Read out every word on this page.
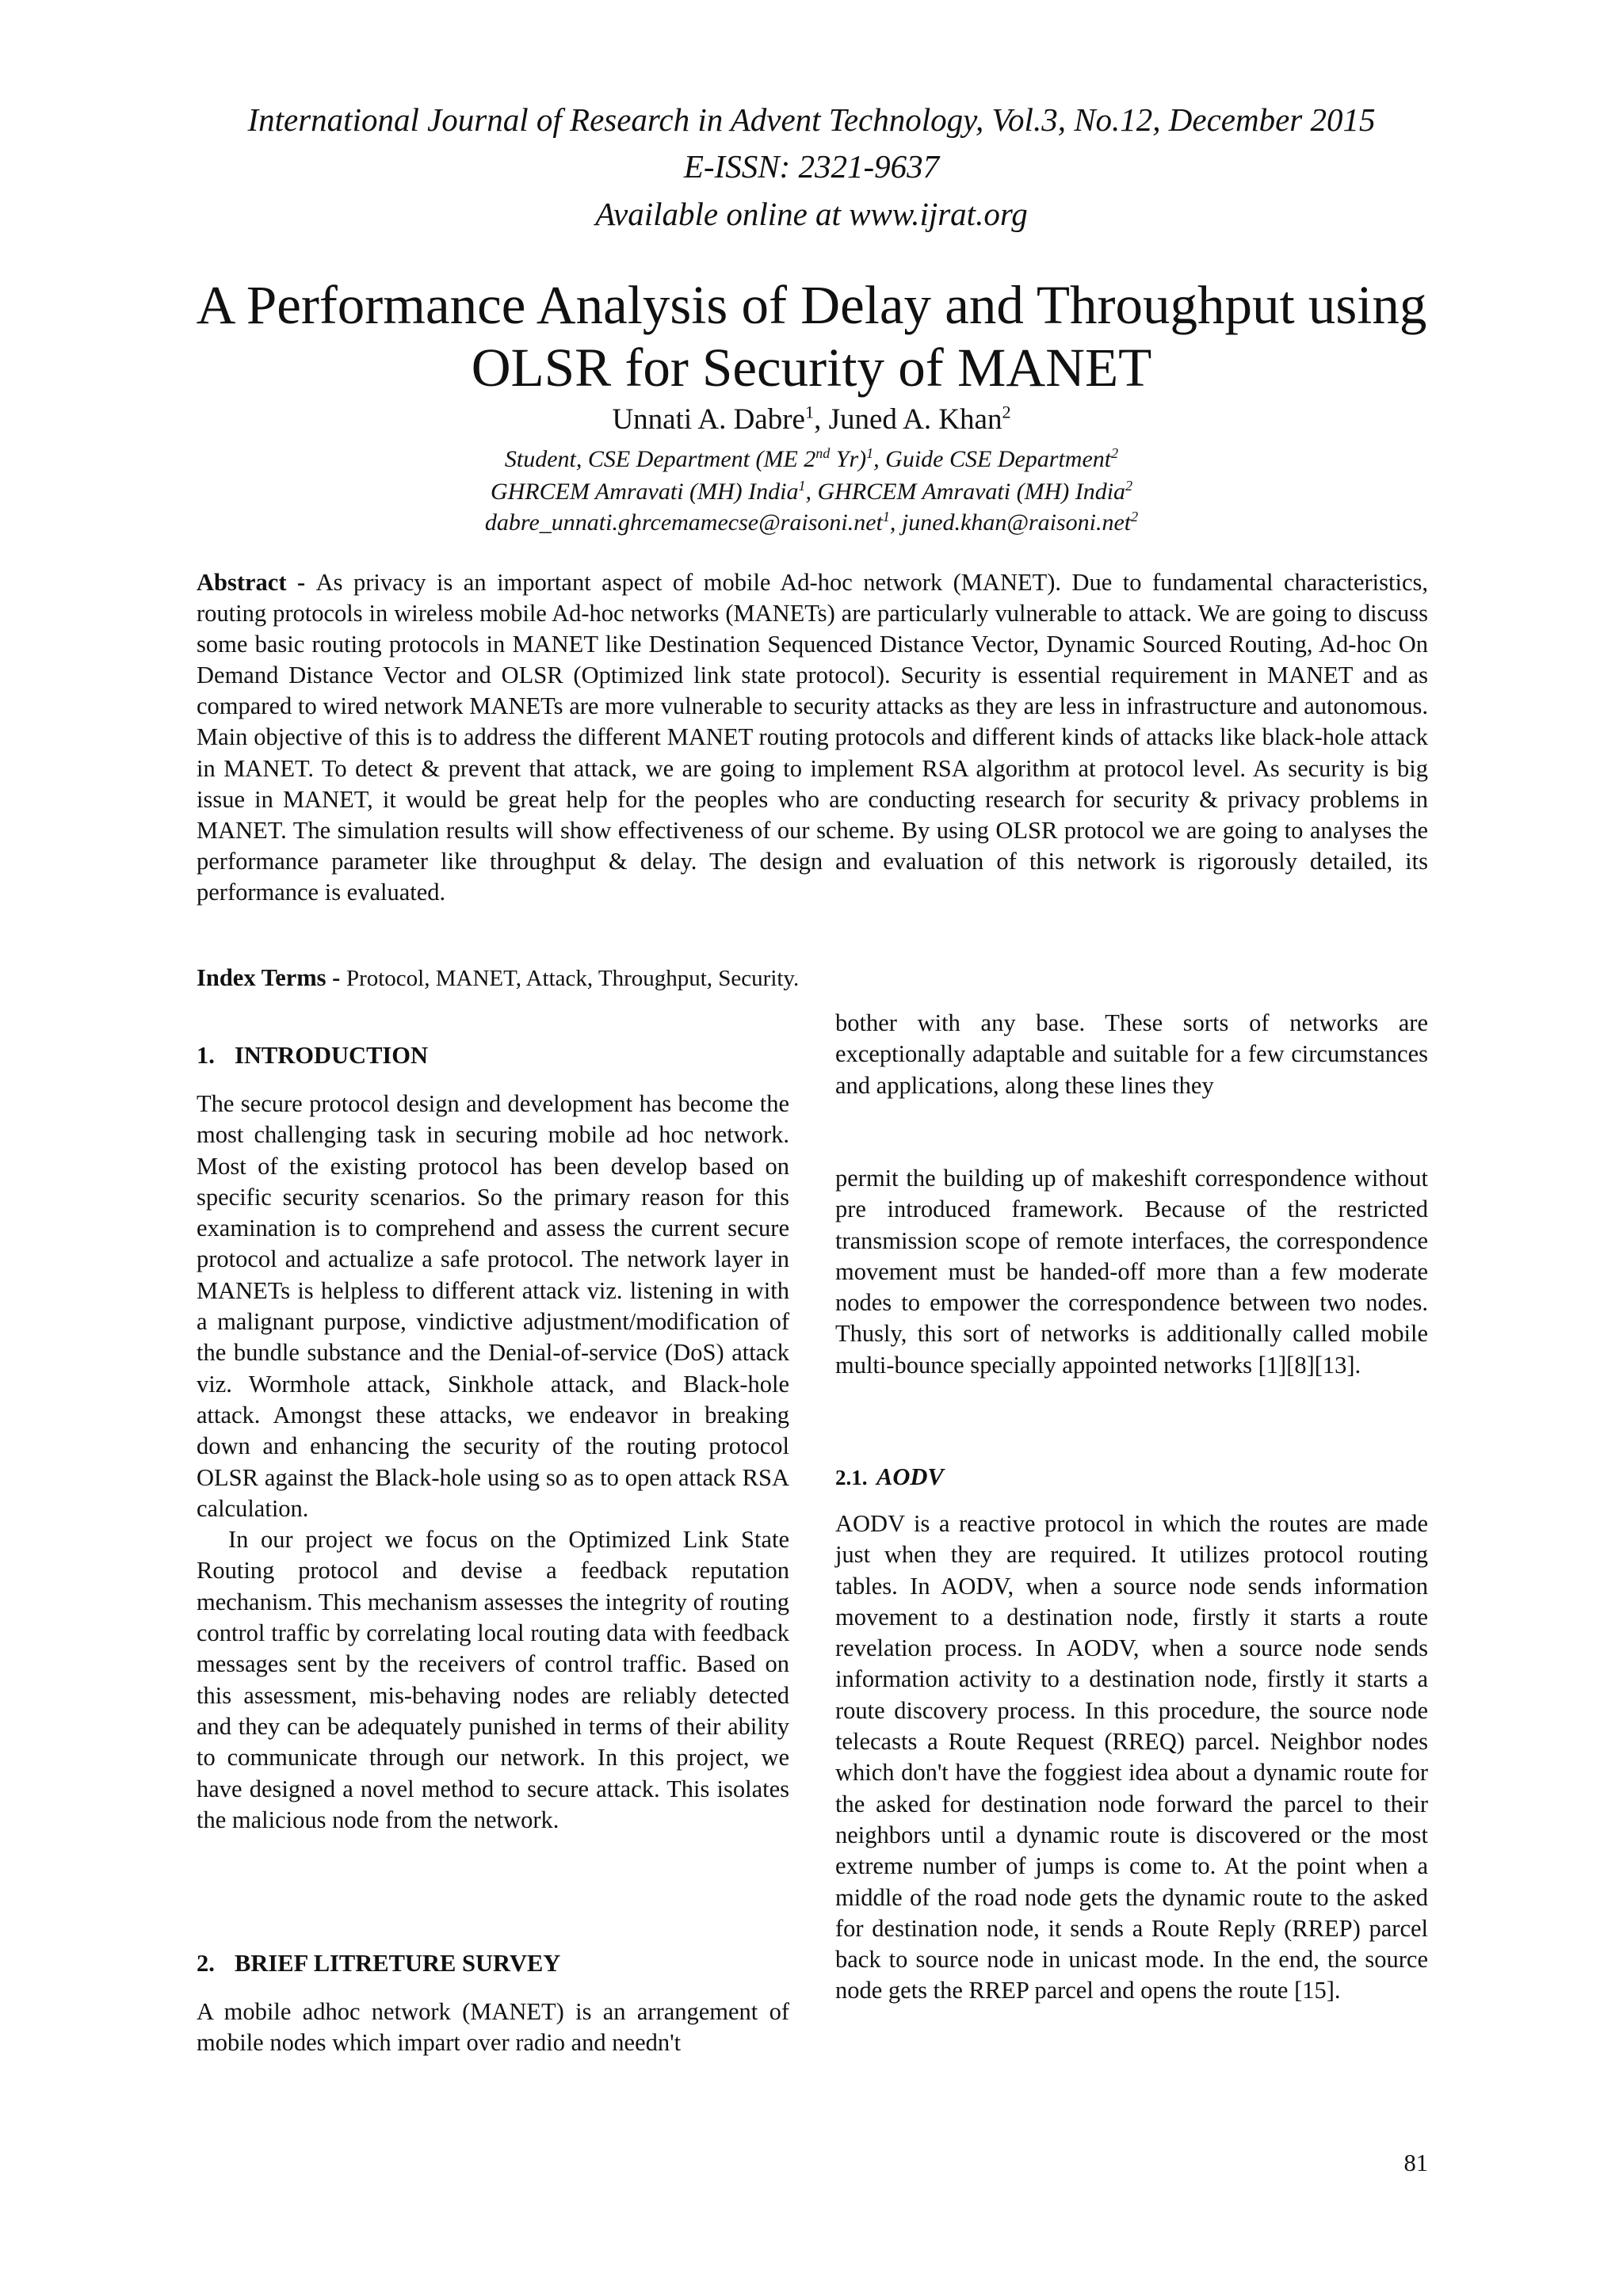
International Journal of Research in Advent Technology, Vol.3, No.12, December 2015
E-ISSN: 2321-9637
Available online at www.ijrat.org
A Performance Analysis of Delay and Throughput using
OLSR for Security of MANET
Unnati A. Dabre$^1$, Juned A. Khan$^2$
Student, CSE Department (ME 2nd Yr)$^1$, Guide CSE Department$^2$
GHRCEM Amravati (MH) India$^1$, GHRCEM Amravati (MH) India$^2$
dabre_unnati.ghrcemamecse@raisoni.net$^1$, juned.khan@raisoni.net$^2$

Abstract - As privacy is an important aspect of mobile Ad-hoc network (MANET). Due to fundamental characteristics, routing protocols in wireless mobile Ad-hoc networks (MANETs) are particularly vulnerable to attack. We are going to discuss some basic routing protocols in MANET like Destination Sequenced Distance Vector, Dynamic Sourced Routing, Ad-hoc On Demand Distance Vector and OLSR (Optimized link state protocol). Security is essential requirement in MANET and as compared to wired network MANETs are more vulnerable to security attacks as they are less in infrastructure and autonomous. Main objective of this is to address the different MANET routing protocols and different kinds of attacks like black-hole attack in MANET. To detect & prevent that attack, we are going to implement RSA algorithm at protocol level. As security is big issue in MANET, it would be great help for the peoples who are conducting research for security & privacy problems in MANET. The simulation results will show effectiveness of our scheme. By using OLSR protocol we are going to analyses the performance parameter like throughput & delay. The design and evaluation of this network is rigorously detailed, its performance is evaluated.

Index Terms - Protocol, MANET, Attack, Throughput, Security.

1. INTRODUCTION

The secure protocol design and development has become the most challenging task in securing mobile ad hoc network. Most of the existing protocol has been develop based on specific security scenarios. So the primary reason for this examination is to comprehend and assess the current secure protocol and actualize a safe protocol. The network layer in MANETs is helpless to different attack viz. listening in with a malignant purpose, vindictive adjustment/modification of the bundle substance and the Denial-of-service (DoS) attack viz. Wormhole attack, Sinkhole attack, and Black-hole attack. Amongst these attacks, we endeavor in breaking down and enhancing the security of the routing protocol OLSR against the Black-hole using so as to open attack RSA calculation.

In our project we focus on the Optimized Link State Routing protocol and devise a feedback reputation mechanism. This mechanism assesses the integrity of routing control traffic by correlating local routing data with feedback messages sent by the receivers of control traffic. Based on this assessment, mis-behaving nodes are reliably detected and they can be adequately punished in terms of their ability to communicate through our network. In this project, we have designed a novel method to secure attack. This isolates the malicious node from the network.

2. BRIEF LITRETURE SURVEY

A mobile adhoc network (MANET) is an arrangement of mobile nodes which impart over radio and needn't

bother with any base. These sorts of networks are exceptionally adaptable and suitable for a few circumstances and applications, along these lines they

permit the building up of makeshift correspondence without pre introduced framework. Because of the restricted transmission scope of remote interfaces, the correspondence movement must be handed-off more than a few moderate nodes to empower the correspondence between two nodes. Thusly, this sort of networks is additionally called mobile multi-bounce specially appointed networks [1][8][13].

2.1. AODV

AODV is a reactive protocol in which the routes are made just when they are required. It utilizes protocol routing tables. In AODV, when a source node sends information movement to a destination node, firstly it starts a route revelation process. In AODV, when a source node sends information activity to a destination node, firstly it starts a route discovery process. In this procedure, the source node telecasts a Route Request (RREQ) parcel. Neighbor nodes which don't have the foggiest idea about a dynamic route for the asked for destination node forward the parcel to their neighbors until a dynamic route is discovered or the most extreme number of jumps is come to. At the point when a middle of the road node gets the dynamic route to the asked for destination node, it sends a Route Reply (RREP) parcel back to source node in unicast mode. In the end, the source node gets the RREP parcel and opens the route [15].

81
